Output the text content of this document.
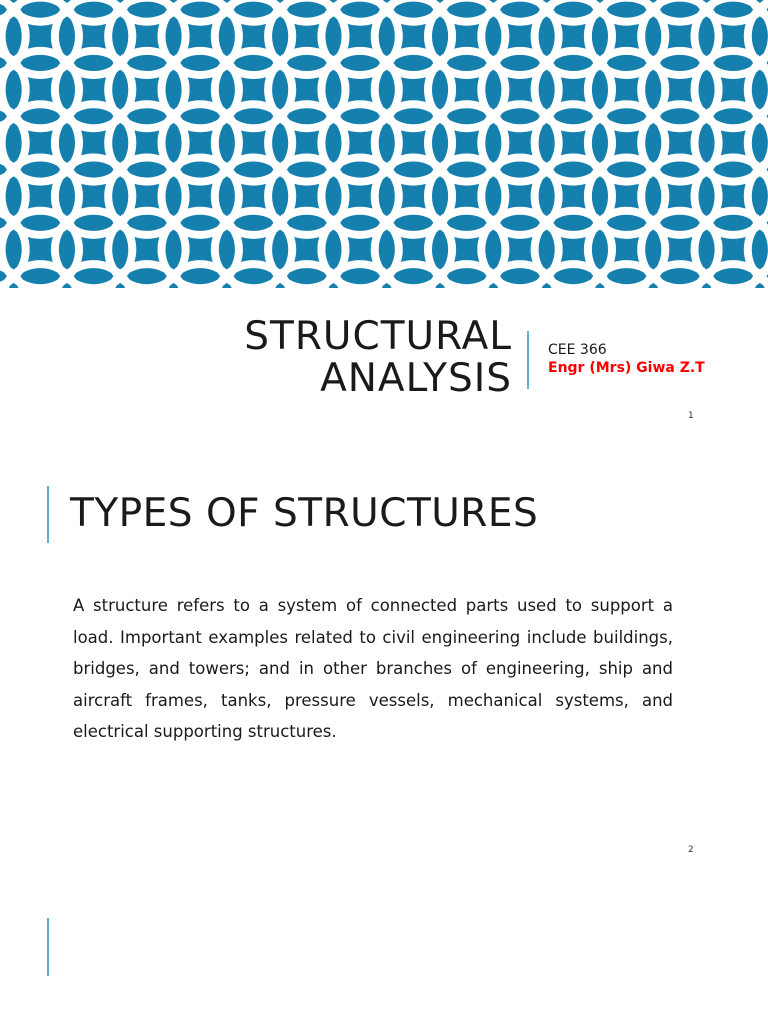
STRUCTURAL
ANALYSIS
CEE 366
Engr (Mrs) Giwa Z.T
1
TYPES OF STRUCTURES
A structure refers to a system of connected parts used to support a load. Important examples related to civil engineering include buildings, bridges, and towers; and in other branches of engineering, ship and aircraft frames, tanks, pressure vessels, mechanical systems, and electrical supporting structures.
2
